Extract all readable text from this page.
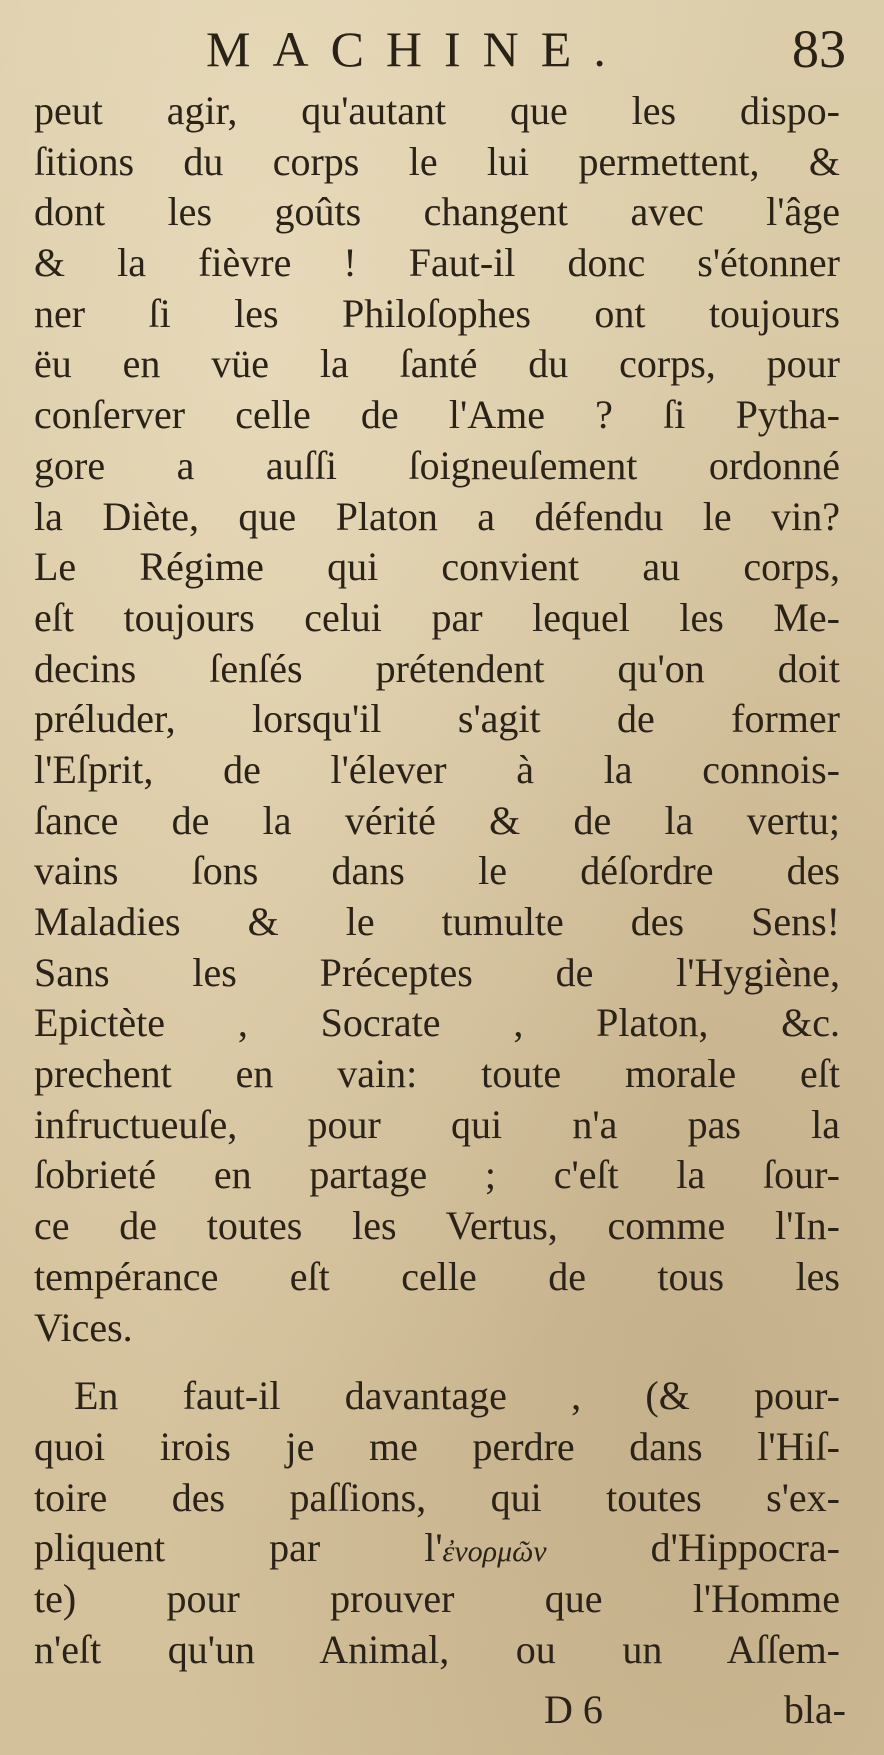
MACHINE.	83
peut agir, qu'autant que les dispo-
ſitions du corps le lui permettent, &
dont les goûts changent avec l'âge
& la fièvre ! Faut-il donc s'étonner
ner ſi les Philoſophes ont toujours
ëu en vüe la ſanté du corps, pour
conſerver celle de l'Ame ? ſi Pytha-
gore a auſſi ſoigneuſement ordonné
la Diète, que Platon a défendu le vin?
Le Régime qui convient au corps,
eſt toujours celui par lequel les Me-
decins ſenſés prétendent qu'on doit
préluder, lorsqu'il s'agit de former
l'Eſprit, de l'élever à la connois-
ſance de la vérité & de la vertu;
vains ſons dans le déſordre des
Maladies & le tumulte des Sens!
Sans les Préceptes de l'Hygiène,
Epictète , Socrate , Platon, &c.
prechent en vain: toute morale eſt
infructueuſe, pour qui n'a pas la
ſobrieté en partage ; c'eſt la ſour-
ce de toutes les Vertus, comme l'In-
tempérance eſt celle de tous les
Vices.
En faut-il davantage , (& pour-
quoi irois je me perdre dans l'Hiſ-
toire des paſſions, qui toutes s'ex-
pliquent par l'ἐνορμῶν d'Hippocra-
te) pour prouver que l'Homme
n'eſt qu'un Animal, ou un Aſſem-
D 6	bla-
